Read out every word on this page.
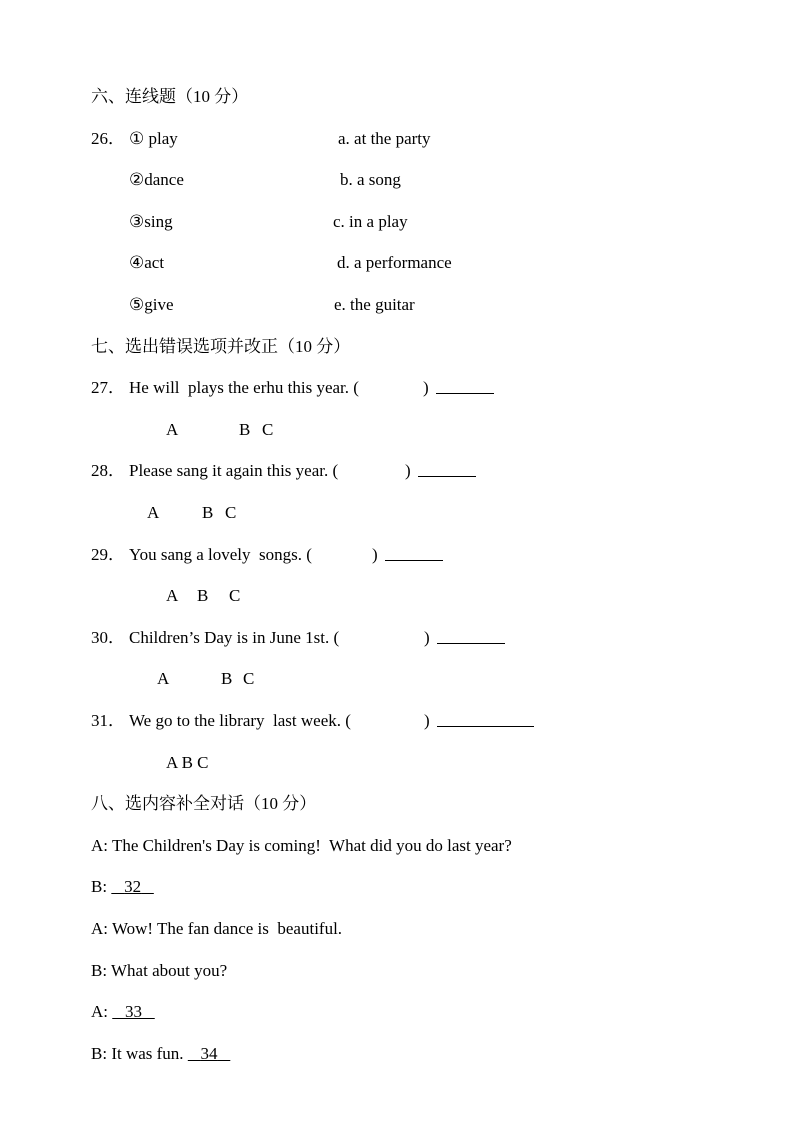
六、连线题（10 分）
26． ① play	a. at the party
②dance	b. a song
③sing	c. in a play
④act	d. a performance
⑤give	e. the guitar
七、选出错误选项并改正（10 分）
27． He will  plays the erhu this year. (	)
A	B C
28． Please sang it again this year. (	)
A	B C
29． You sang a lovely  songs. (	)
A B C
30． Children’s Day is in June 1st. (	)
A	B C
31． We go to the library  last week. (	)
A B C
八、选内容补全对话（10 分）
A: The Children's Day is coming!  What did you do last year?
B: 32
A: Wow! The fan dance is  beautiful.
B: What about you?
A: 33
B: It was fun. 34
